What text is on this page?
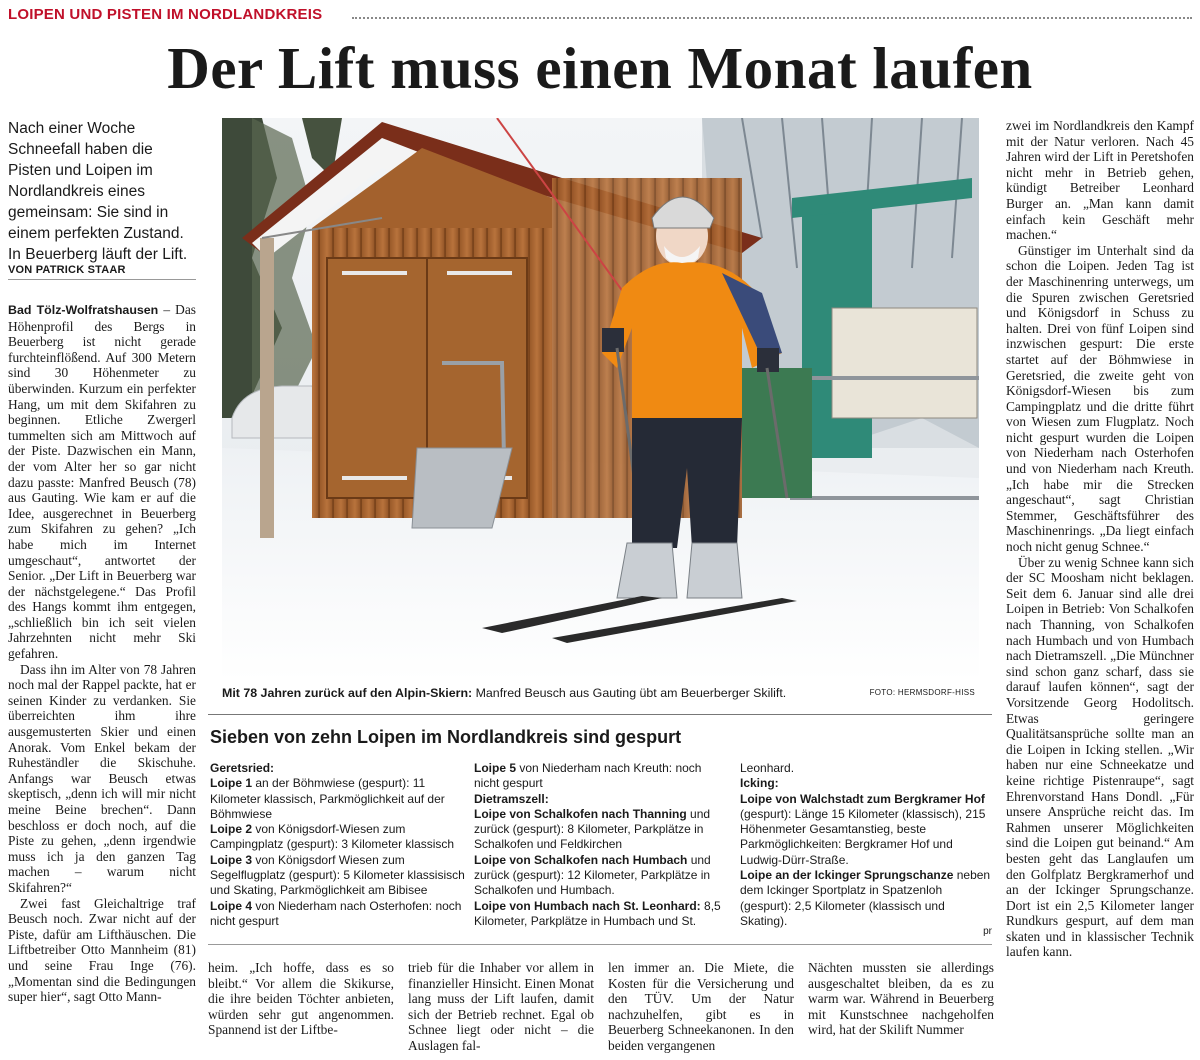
LOIPEN UND PISTEN IM NORDLANDKREIS
Der Lift muss einen Monat laufen
Nach einer Woche Schneefall haben die Pisten und Loipen im Nordlandkreis eines gemeinsam: Sie sind in einem perfekten Zustand. In Beuerberg läuft der Lift.
VON PATRICK STAAR

Bad Tölz-Wolfratshausen – Das Höhenprofil des Bergs in Beuerberg ist nicht gerade furchteinflößend. Auf 300 Metern sind 30 Höhenmeter zu überwinden. Kurzum ein perfekter Hang, um mit dem Skifahren zu beginnen. Etliche Zwergerl tummelten sich am Mittwoch auf der Piste. Dazwischen ein Mann, der vom Alter her so gar nicht dazu passte: Manfred Beusch (78) aus Gauting. Wie kam er auf die Idee, ausgerechnet in Beuerberg zum Skifahren zu gehen? „Ich habe mich im Internet umgeschaut“, antwortet der Senior. „Der Lift in Beuerberg war der nächstgelegene.“ Das Profil des Hangs kommt ihm entgegen, „schließlich bin ich seit vielen Jahrzehnten nicht mehr Ski gefahren.

Dass ihn im Alter von 78 Jahren noch mal der Rappel packte, hat er seinen Kinder zu verdanken. Sie überreichten ihm ihre ausgemusterten Skier und einen Anorak. Vom Enkel bekam der Ruheständler die Skischuhe. Anfangs war Beusch etwas skeptisch, „denn ich will mir nicht meine Beine brechen“. Dann beschloss er doch noch, auf die Piste zu gehen, „denn irgendwie muss ich ja den ganzen Tag machen – warum nicht Skifahren?“

Zwei fast Gleichaltrige traf Beusch noch. Zwar nicht auf der Piste, dafür am Lifthäuschen. Die Liftbetreiber Otto Mannheim (81) und seine Frau Inge (76). „Momentan sind die Bedingungen super hier“, sagt Otto Mann-

Mit 78 Jahren zurück auf den Alpin-Skiern: Manfred Beusch aus Gauting übt am Beuerberger Skilift.	FOTO: HERMSDORF-HISS
Sieben von zehn Loipen im Nordlandkreis sind gespurt
Geretsried:
Loipe 1 an der Böhmwiese (gespurt): 11 Kilometer klassisch, Parkmöglichkeit auf der Böhmwiese
Loipe 2 von Königsdorf-Wiesen zum Campingplatz (gespurt): 3 Kilometer klassisch
Loipe 3 von Königsdorf Wiesen zum Segelflugplatz (gespurt): 5 Kilometer klassisisch und Skating, Parkmöglichkeit am Bibisee
Loipe 4 von Niederham nach Osterhofen: noch nicht gespurt
Loipe 5 von Niederham nach Kreuth: noch nicht gespurt
Dietramszell:
Loipe von Schalkofen nach Thanning und zurück (gespurt): 8 Kilometer, Parkplätze in Schalkofen und Feldkirchen
Loipe von Schalkofen nach Humbach und zurück (gespurt): 12 Kilometer, Parkplätze in Schalkofen und Humbach.
Loipe von Humbach nach St. Leonhard: 8,5 Kilometer, Parkplätze in Humbach und St.
Leonhard.
Icking:
Loipe von Walchstadt zum Bergkramer Hof (gespurt): Länge 15 Kilometer (klassisch), 215 Höhenmeter Gesamtanstieg, beste Parkmöglichkeiten: Bergkramer Hof und Ludwig-Dürr-Straße.
Loipe an der Ickinger Sprungschanze neben dem Ickinger Sportplatz in Spatzenloh (gespurt): 2,5 Kilometer (klassisch und Skating).
pr

heim. „Ich hoffe, dass es so bleibt.“ Vor allem die Skikurse, die ihre beiden Töchter anbieten, würden sehr gut angenommen. Spannend ist der Liftbe-

trieb für die Inhaber vor allem in finanzieller Hinsicht. Einen Monat lang muss der Lift laufen, damit sich der Betrieb rechnet. Egal ob Schnee liegt oder nicht – die Auslagen fal-

len immer an. Die Miete, die Kosten für die Versicherung und den TÜV. Um der Natur nachzuhelfen, gibt es in Beuerberg Schneekanonen. In den beiden vergangenen

Nächten mussten sie allerdings ausgeschaltet bleiben, da es zu warm war. Während in Beuerberg mit Kunstschnee nachgeholfen wird, hat der Skilift Nummer

zwei im Nordlandkreis den Kampf mit der Natur verloren. Nach 45 Jahren wird der Lift in Peretshofen nicht mehr in Betrieb gehen, kündigt Betreiber Leonhard Burger an. „Man kann damit einfach kein Geschäft mehr machen.“

Günstiger im Unterhalt sind da schon die Loipen. Jeden Tag ist der Maschinenring unterwegs, um die Spuren zwischen Geretsried und Königsdorf in Schuss zu halten. Drei von fünf Loipen sind inzwischen gespurt: Die erste startet auf der Böhmwiese in Geretsried, die zweite geht von Königsdorf-Wiesen bis zum Campingplatz und die dritte führt von Wiesen zum Flugplatz. Noch nicht gespurt wurden die Loipen von Niederham nach Osterhofen und von Niederham nach Kreuth. „Ich habe mir die Strecken angeschaut“, sagt Christian Stemmer, Geschäftsführer des Maschinenrings. „Da liegt einfach noch nicht genug Schnee.“

Über zu wenig Schnee kann sich der SC Moosham nicht beklagen. Seit dem 6. Januar sind alle drei Loipen in Betrieb: Von Schalkofen nach Thanning, von Schalkofen nach Humbach und von Humbach nach Dietramszell. „Die Münchner sind schon ganz scharf, dass sie darauf laufen können“, sagt der Vorsitzende Georg Hodolitsch. Etwas geringere Qualitätsansprüche sollte man an die Loipen in Icking stellen. „Wir haben nur eine Schneekatze und keine richtige Pistenraupe“, sagt Ehrenvorstand Hans Dondl. „Für unsere Ansprüche reicht das. Im Rahmen unserer Möglichkeiten sind die Loipen gut beinand.“ Am besten geht das Langlaufen um den Golfplatz Bergkramerhof und an der Ickinger Sprungschanze. Dort ist ein 2,5 Kilometer langer Rundkurs gespurt, auf dem man skaten und in klassischer Technik laufen kann.
